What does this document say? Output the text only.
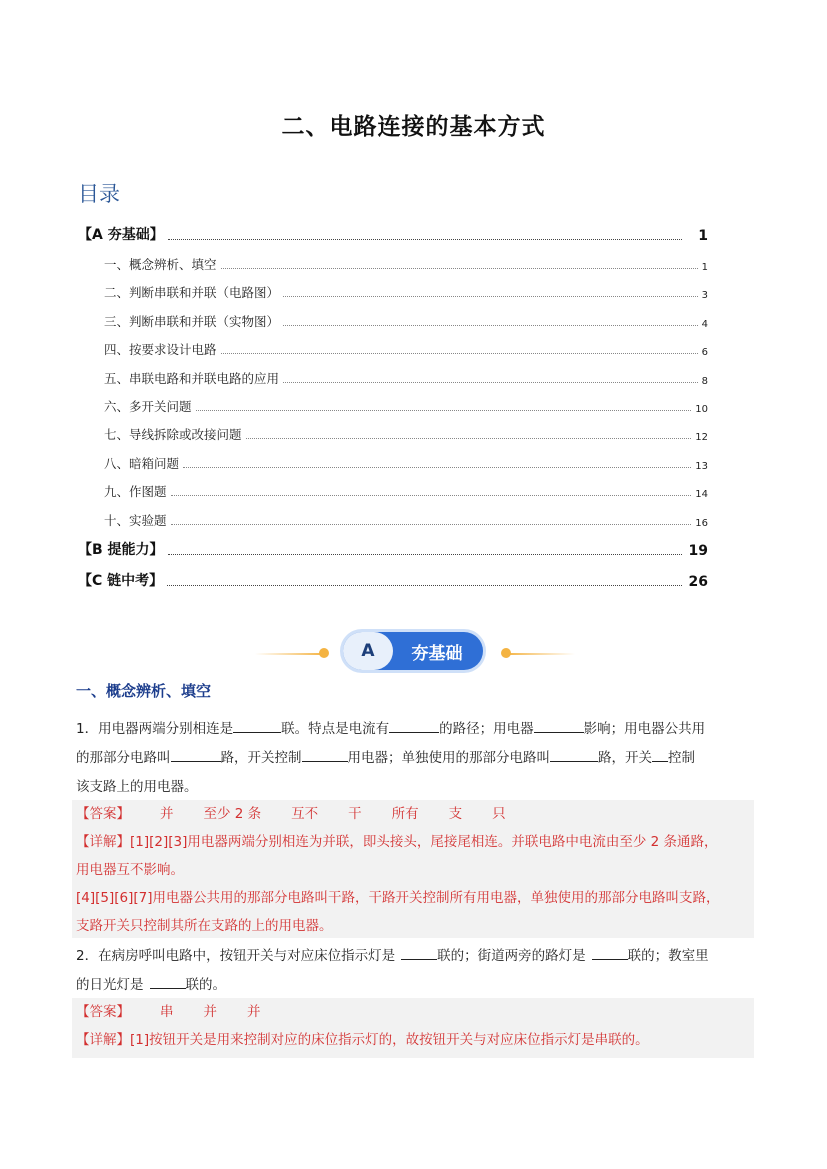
二、电路连接的基本方式
目录
【A 夯基础】	1
一、概念辨析、填空	1
二、判断串联和并联（电路图）	3
三、判断串联和并联（实物图）	4
四、按要求设计电路	6
五、串联电路和并联电路的应用	8
六、多开关问题	10
七、导线拆除或改接问题	12
八、暗箱问题	13
九、作图题	14
十、实验题	16
【B 提能力】	19
【C 链中考】	26
A	夯基础
一、概念辨析、填空
1．用电器两端分别相连是	联。特点是电流有	的路径；用电器	影响；用电器公共用
的那部分电路叫	路，开关控制	用电器；单独使用的那部分电路叫	路，开关 控制
该支路上的用电器。
【答案】 并 至少 2 条 互不 干 所有 支 只
【详解】[1][2][3]用电器两端分别相连为并联，即头接头，尾接尾相连。并联电路中电流由至少 2 条通路，
用电器互不影响。
[4][5][6][7]用电器公共用的那部分电路叫干路，干路开关控制所有用电器，单独使用的那部分电路叫支路，
支路开关只控制其所在支路的上的用电器。
2．在病房呼叫电路中，按钮开关与对应床位指示灯是	联的；街道两旁的路灯是	联的；教室里
的日光灯是	联的。
【答案】 串 并 并
【详解】[1]按钮开关是用来控制对应的床位指示灯的，故按钮开关与对应床位指示灯是串联的。
